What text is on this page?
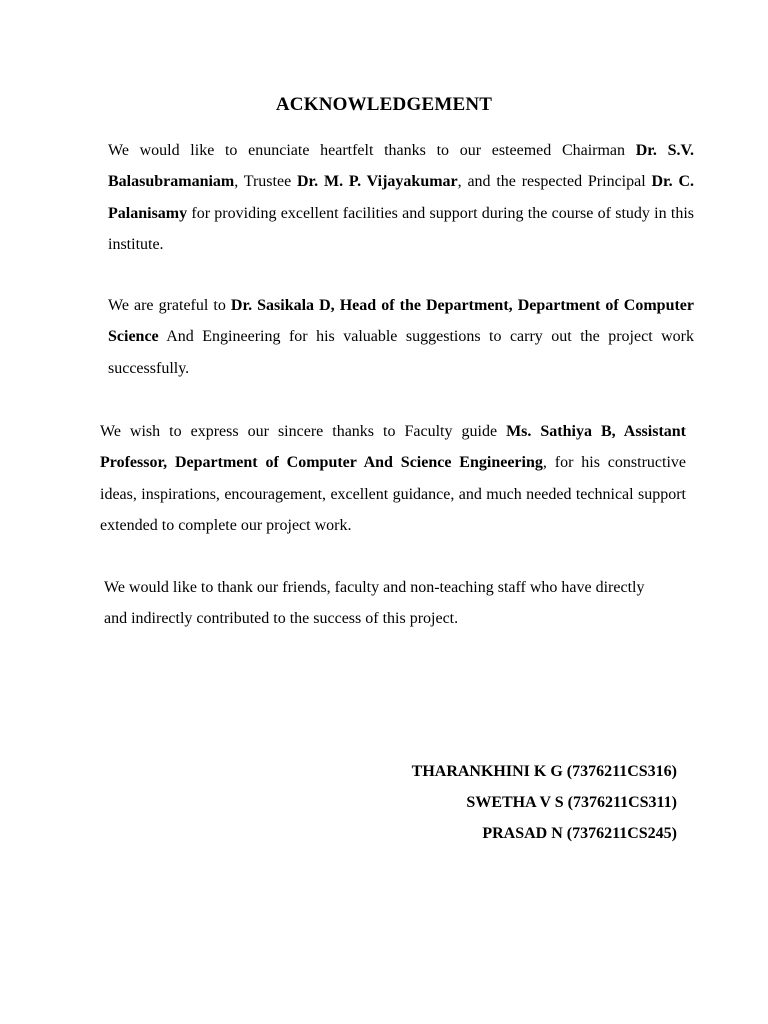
ACKNOWLEDGEMENT

We would like to enunciate heartfelt thanks to our esteemed Chairman Dr. S.V. Balasubramaniam, Trustee Dr. M. P. Vijayakumar, and the respected Principal Dr. C. Palanisamy for providing excellent facilities and support during the course of study in this institute.

We are grateful to Dr. Sasikala D, Head of the Department, Department of Computer Science And Engineering for his valuable suggestions to carry out the project work successfully.

We wish to express our sincere thanks to Faculty guide Ms. Sathiya B, Assistant Professor, Department of Computer And Science Engineering, for his constructive ideas, inspirations, encouragement, excellent guidance, and much needed technical support extended to complete our project work.

We would like to thank our friends, faculty and non-teaching staff who have directly and indirectly contributed to the success of this project.

THARANKHINI K G (7376211CS316)
SWETHA V S (7376211CS311)
PRASAD N (7376211CS245)
